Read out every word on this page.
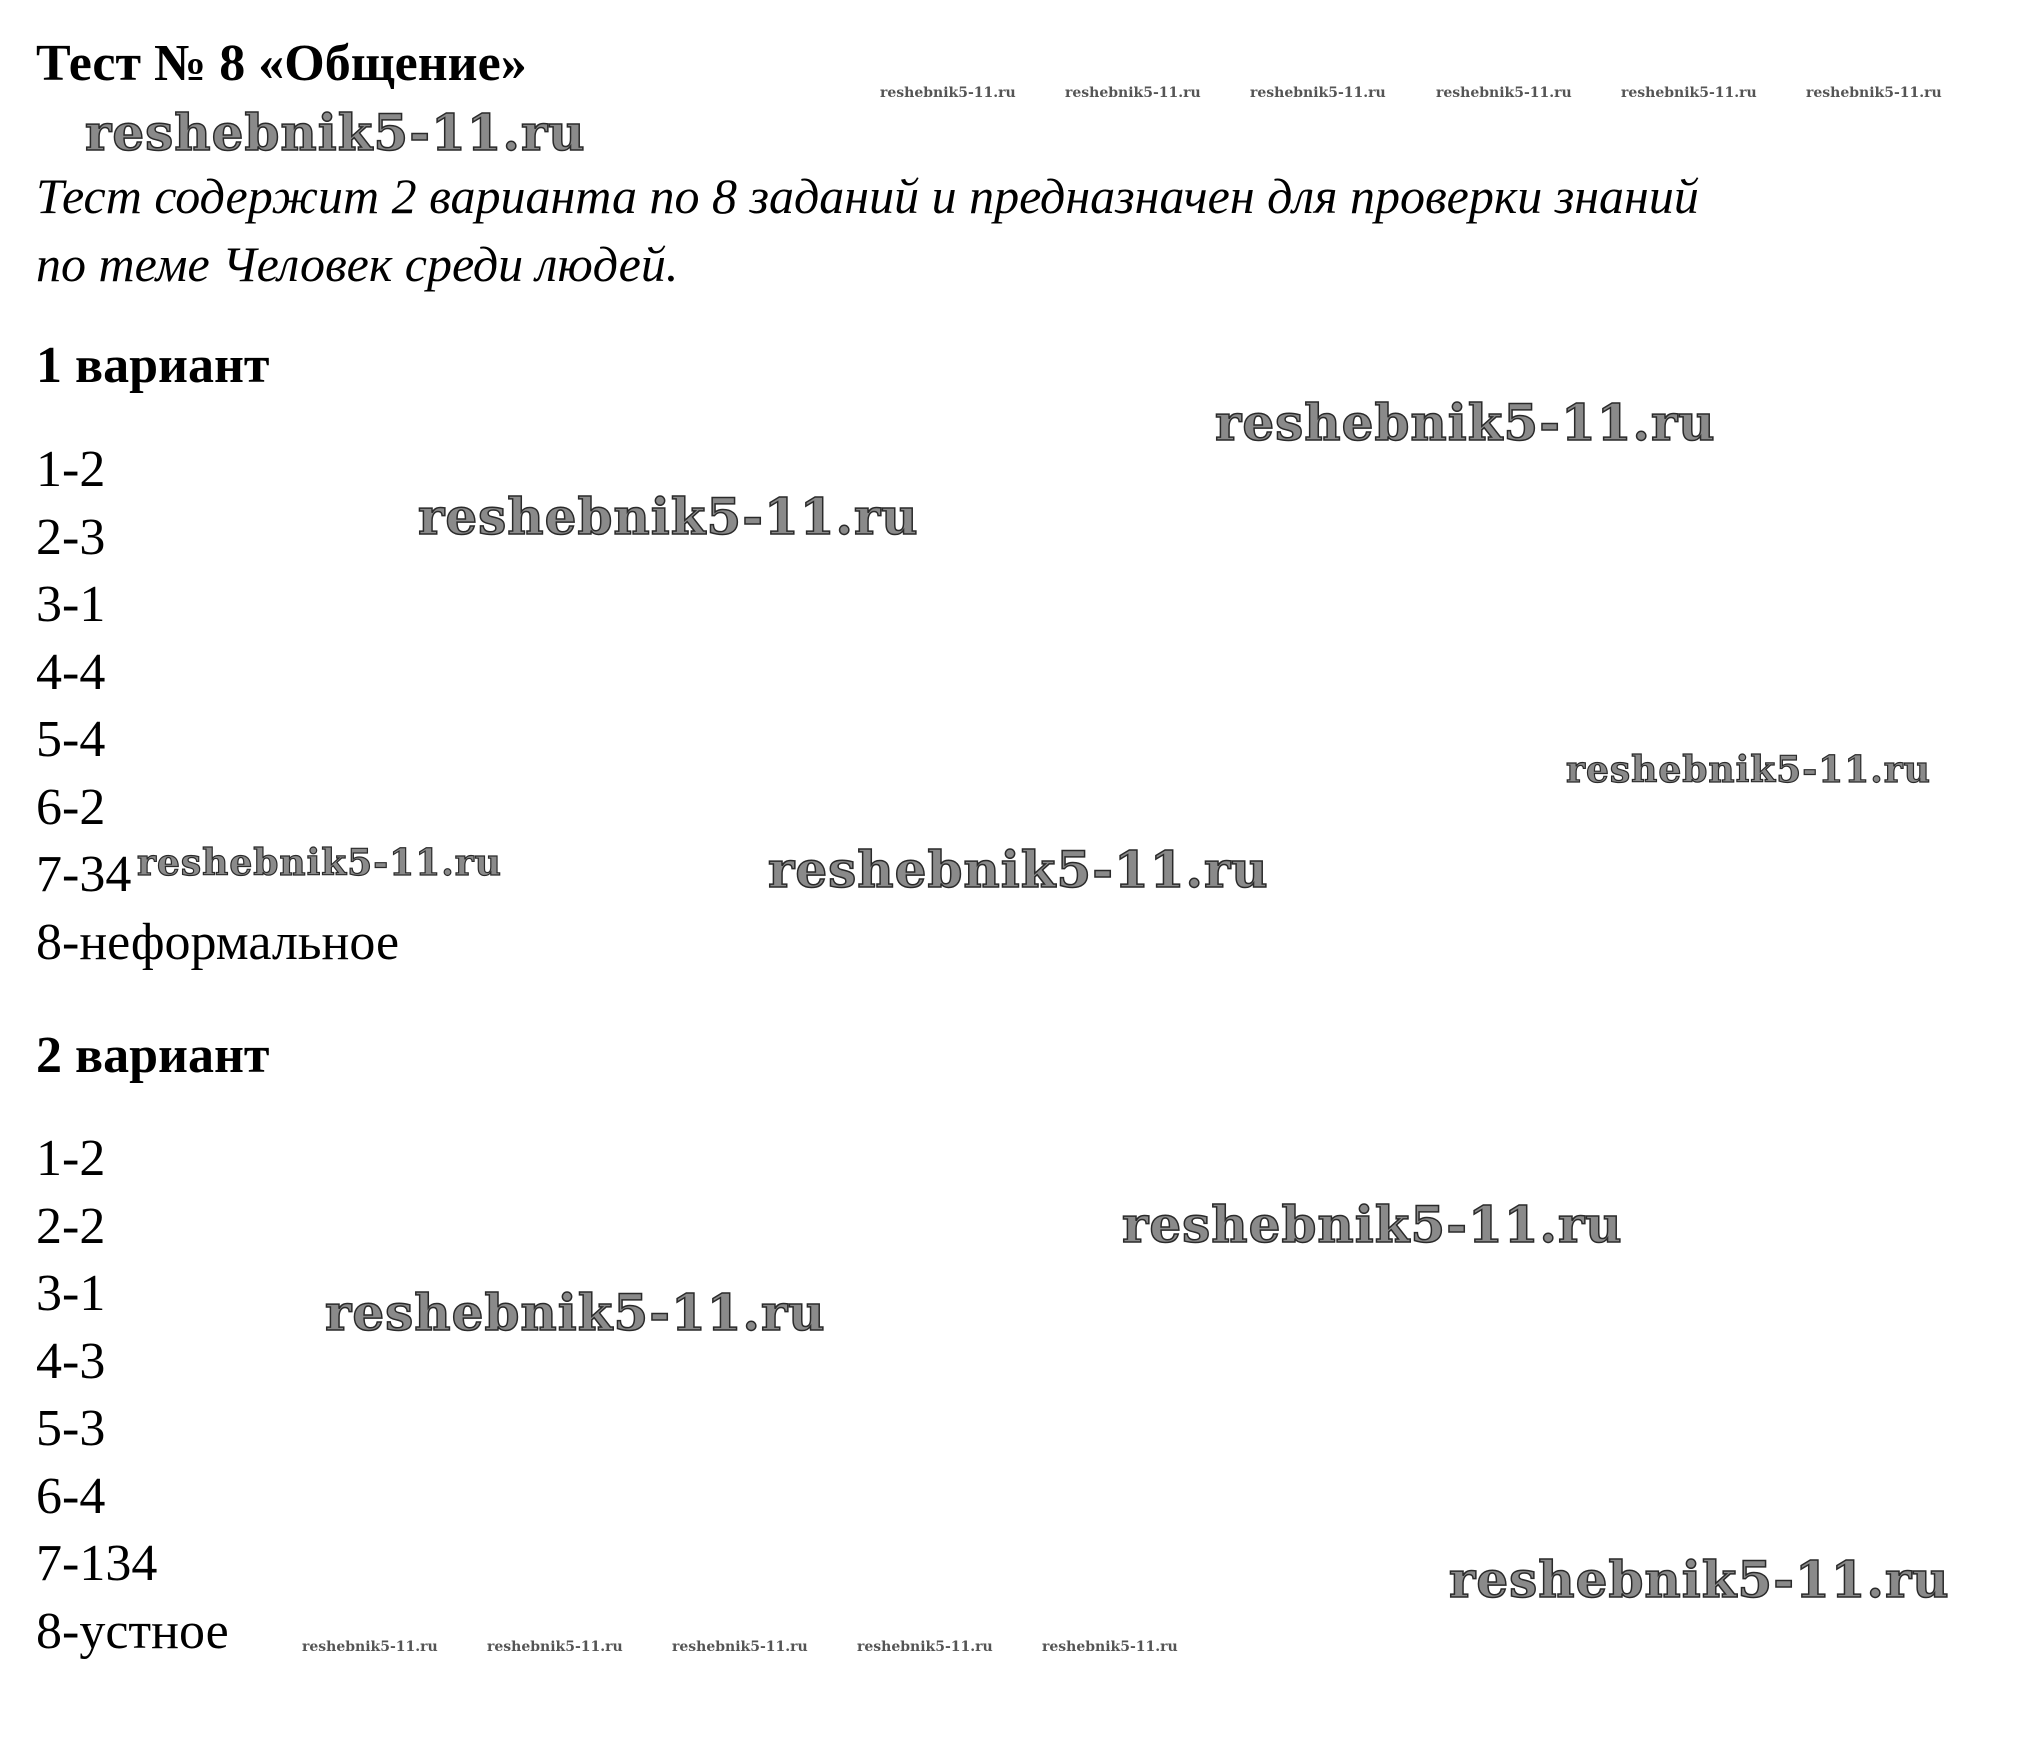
Тест № 8 «Общение»
reshebnik5-11.ru	reshebnik5-11.ru	reshebnik5-11.ru	reshebnik5-11.ru	reshebnik5-11.ru	reshebnik5-11.ru
reshebnik5-11.ru
Тест содержит 2 варианта по 8 заданий и предназначен для проверки знаний
по теме Человек среди людей.
1 вариант
1-2
2-3
3-1
4-4
5-4
6-2
7-34
8-неформальное
reshebnik5-11.ru
reshebnik5-11.ru
reshebnik5-11.ru
reshebnik5-11.ru	reshebnik5-11.ru
2 вариант
1-2
2-2
3-1
4-3
5-3
6-4
7-134
8-устное
reshebnik5-11.ru
reshebnik5-11.ru
reshebnik5-11.ru
reshebnik5-11.ru	reshebnik5-11.ru	reshebnik5-11.ru	reshebnik5-11.ru	reshebnik5-11.ru
